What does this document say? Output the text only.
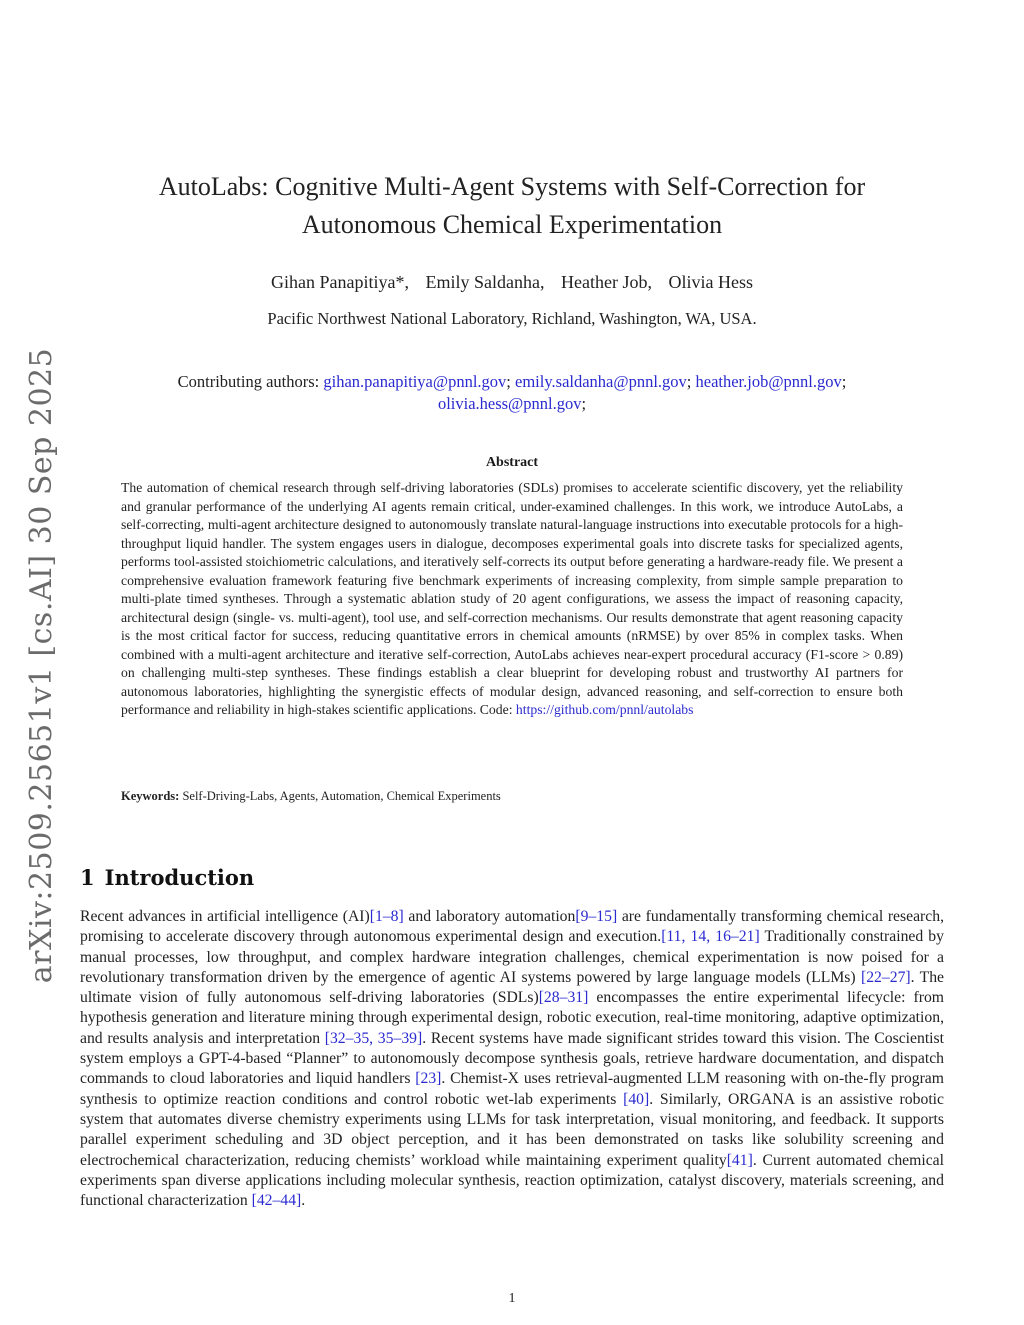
arXiv:2509.25651v1 [cs.AI] 30 Sep 2025
AutoLabs: Cognitive Multi-Agent Systems with Self-Correction for Autonomous Chemical Experimentation
Gihan Panapitiya*, Emily Saldanha, Heather Job, Olivia Hess
Pacific Northwest National Laboratory, Richland, Washington, WA, USA.
Contributing authors: gihan.panapitiya@pnnl.gov; emily.saldanha@pnnl.gov; heather.job@pnnl.gov;
olivia.hess@pnnl.gov;
Abstract

The automation of chemical research through self-driving laboratories (SDLs) promises to accelerate scientific discovery, yet the reliability and granular performance of the underlying AI agents remain critical, under-examined challenges. In this work, we introduce AutoLabs, a self-correcting, multi-agent architecture designed to autonomously translate natural-language instructions into executable protocols for a high-throughput liquid handler. The system engages users in dialogue, decomposes experimental goals into discrete tasks for specialized agents, performs tool-assisted stoichiometric calculations, and iteratively self-corrects its output before generating a hardware-ready file. We present a comprehensive evaluation framework featuring five benchmark experiments of increasing complexity, from simple sample preparation to multi-plate timed syntheses. Through a systematic ablation study of 20 agent configurations, we assess the impact of reasoning capacity, architectural design (single- vs. multi-agent), tool use, and self-correction mechanisms. Our results demonstrate that agent reasoning capacity is the most critical factor for success, reducing quantitative errors in chemical amounts (nRMSE) by over 85% in complex tasks. When combined with a multi-agent architecture and iterative self-correction, AutoLabs achieves near-expert procedural accuracy (F1-score > 0.89) on challenging multi-step syntheses. These findings establish a clear blueprint for developing robust and trustworthy AI partners for autonomous laboratories, highlighting the synergistic effects of modular design, advanced reasoning, and self-correction to ensure both performance and reliability in high-stakes scientific applications. Code: https://github.com/pnnl/autolabs

Keywords: Self-Driving-Labs, Agents, Automation, Chemical Experiments
1 Introduction

Recent advances in artificial intelligence (AI)[1–8] and laboratory automation[9–15] are fundamentally transforming chemical research, promising to accelerate discovery through autonomous experimental design and execution.[11, 14, 16–21] Traditionally constrained by manual processes, low throughput, and complex hardware integration challenges, chemical experimentation is now poised for a revolutionary transformation driven by the emergence of agentic AI systems powered by large language models (LLMs) [22–27]. The ultimate vision of fully autonomous self-driving laboratories (SDLs)[28–31] encompasses the entire experimental lifecycle: from hypothesis generation and literature mining through experimental design, robotic execution, real-time monitoring, adaptive optimization, and results analysis and interpretation [32–35, 35–39]. Recent systems have made significant strides toward this vision. The Coscientist system employs a GPT-4-based “Planner” to autonomously decompose synthesis goals, retrieve hardware documentation, and dispatch commands to cloud laboratories and liquid handlers [23]. Chemist-X uses retrieval-augmented LLM reasoning with on-the-fly program synthesis to optimize reaction conditions and control robotic wet-lab experiments [40]. Similarly, ORGANA is an assistive robotic system that automates diverse chemistry experiments using LLMs for task interpretation, visual monitoring, and feedback. It supports parallel experiment scheduling and 3D object perception, and it has been demonstrated on tasks like solubility screening and electrochemical characterization, reducing chemists’ workload while maintaining experiment quality[41]. Current automated chemical experiments span diverse applications including molecular synthesis, reaction optimization, catalyst discovery, materials screening, and functional characterization [42–44].

1
